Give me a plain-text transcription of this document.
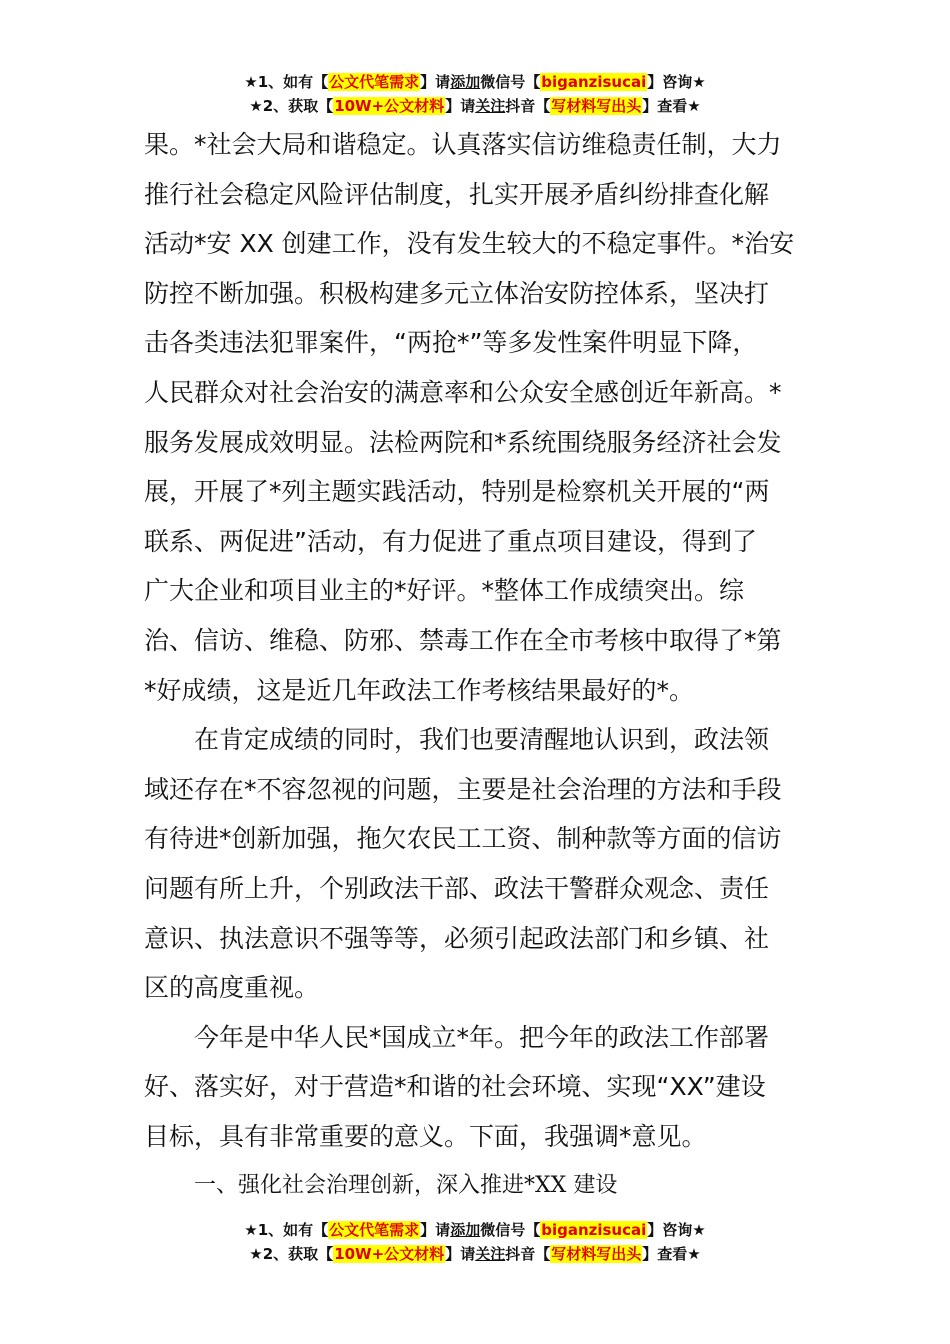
★1、如有【公文代笔需求】请添加微信号【biganzisucai】咨询★
★2、获取【10W+公文材料】请关注抖音【写材料写出头】查看★
果。*社会大局和谐稳定。认真落实信访维稳责任制，大力
推行社会稳定风险评估制度，扎实开展矛盾纠纷排查化解
活动*安 XX 创建工作，没有发生较大的不稳定事件。*治安
防控不断加强。积极构建多元立体治安防控体系，坚决打
击各类违法犯罪案件，“两抢*”等多发性案件明显下降，
人民群众对社会治安的满意率和公众安全感创近年新高。*
服务发展成效明显。法检两院和*系统围绕服务经济社会发
展，开展了*列主题实践活动，特别是检察机关开展的“两
联系、两促进”活动，有力促进了重点项目建设，得到了
广大企业和项目业主的*好评。*整体工作成绩突出。综
治、信访、维稳、防邪、禁毒工作在全市考核中取得了*第
*好成绩，这是近几年政法工作考核结果最好的*。
在肯定成绩的同时，我们也要清醒地认识到，政法领
域还存在*不容忽视的问题，主要是社会治理的方法和手段
有待进*创新加强，拖欠农民工工资、制种款等方面的信访
问题有所上升，个别政法干部、政法干警群众观念、责任
意识、执法意识不强等等，必须引起政法部门和乡镇、社
区的高度重视。
今年是中华人民*国成立*年。把今年的政法工作部署
好、落实好，对于营造*和谐的社会环境、实现“XX”建设
目标，具有非常重要的意义。下面，我强调*意见。
一、强化社会治理创新，深入推进*XX 建设
★1、如有【公文代笔需求】请添加微信号【biganzisucai】咨询★
★2、获取【10W+公文材料】请关注抖音【写材料写出头】查看★
